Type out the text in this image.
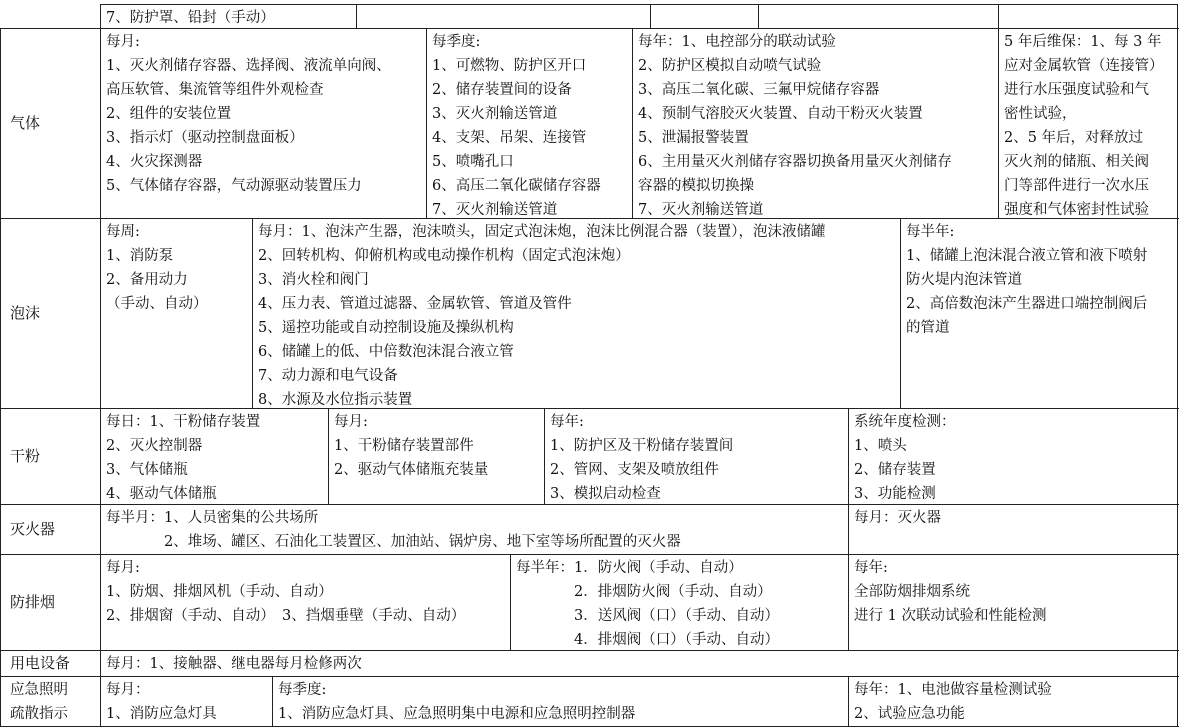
7、防护罩、铅封（手动）
气体
每月:
1、灭火剂储存容器、选择阀、液流单向阀、
高压软管、集流管等组件外观检查
2、组件的安装位置
3、指示灯（驱动控制盘面板）
4、火灾探测器
5、气体储存容器，气动源驱动装置压力
每季度:
1、可燃物、防护区开口
2、储存装置间的设备
3、灭火剂输送管道
4、支架、吊架、连接管
5、喷嘴孔口
6、高压二氧化碳储存容器
7、灭火剂输送管道
每年：1、电控部分的联动试验
2、防护区模拟自动喷气试验
3、高压二氧化碳、三氟甲烷储存容器
4、预制气溶胶灭火装置、自动干粉灭火装置
5、泄漏报警装置
6、主用量灭火剂储存容器切换备用量灭火剂储存
容器的模拟切换操
7、灭火剂输送管道
5 年后维保：1、每 3 年
应对金属软管（连接管）
进行水压强度试验和气
密性试验，
2、5 年后，对释放过
灭火剂的储瓶、相关阀
门等部件进行一次水压
强度和气体密封性试验
泡沫
每周:
1、消防泵
2、备用动力
（手动、自动）
每月：1、泡沫产生器，泡沫喷头，固定式泡沫炮，泡沫比例混合器（装置），泡沫液储罐
2、回转机构、仰俯机构或电动操作机构（固定式泡沫炮）
3、消火栓和阀门
4、压力表、管道过滤器、金属软管、管道及管件
5、遥控功能或自动控制设施及操纵机构
6、储罐上的低、中倍数泡沫混合液立管
7、动力源和电气设备
8、水源及水位指示装置
每半年:
1、储罐上泡沫混合液立管和液下喷射
防火堤内泡沫管道
2、高倍数泡沫产生器进口端控制阀后
的管道
干粉
每日：1、干粉储存装置
2、灭火控制器
3、气体储瓶
4、驱动气体储瓶
每月:
1、干粉储存装置部件
2、驱动气体储瓶充装量
每年:
1、防护区及干粉储存装置间
2、管网、支架及喷放组件
3、模拟启动检查
系统年度检测：
1、喷头
2、储存装置
3、功能检测
灭火器
每半月：1、人员密集的公共场所
　　　　2、堆场、罐区、石油化工装置区、加油站、锅炉房、地下室等场所配置的灭火器
每月：灭火器
防排烟
每月:
1、防烟、排烟风机（手动、自动）
2、排烟窗（手动、自动）　3、挡烟垂壁（手动、自动）
每半年：1．防火阀（手动、自动）
　　　　2．排烟防火阀（手动、自动）
　　　　3．送风阀（口）（手动、自动）
　　　　4．排烟阀（口）（手动、自动）
每年:
全部防烟排烟系统
进行 1 次联动试验和性能检测
用电设备	每月：1、接触器、继电器每月检修两次
应急照明
疏散指示
每月：
1、消防应急灯具
每季度:
1、消防应急灯具、应急照明集中电源和应急照明控制器
每年：1、电池做容量检测试验
2、试验应急功能
